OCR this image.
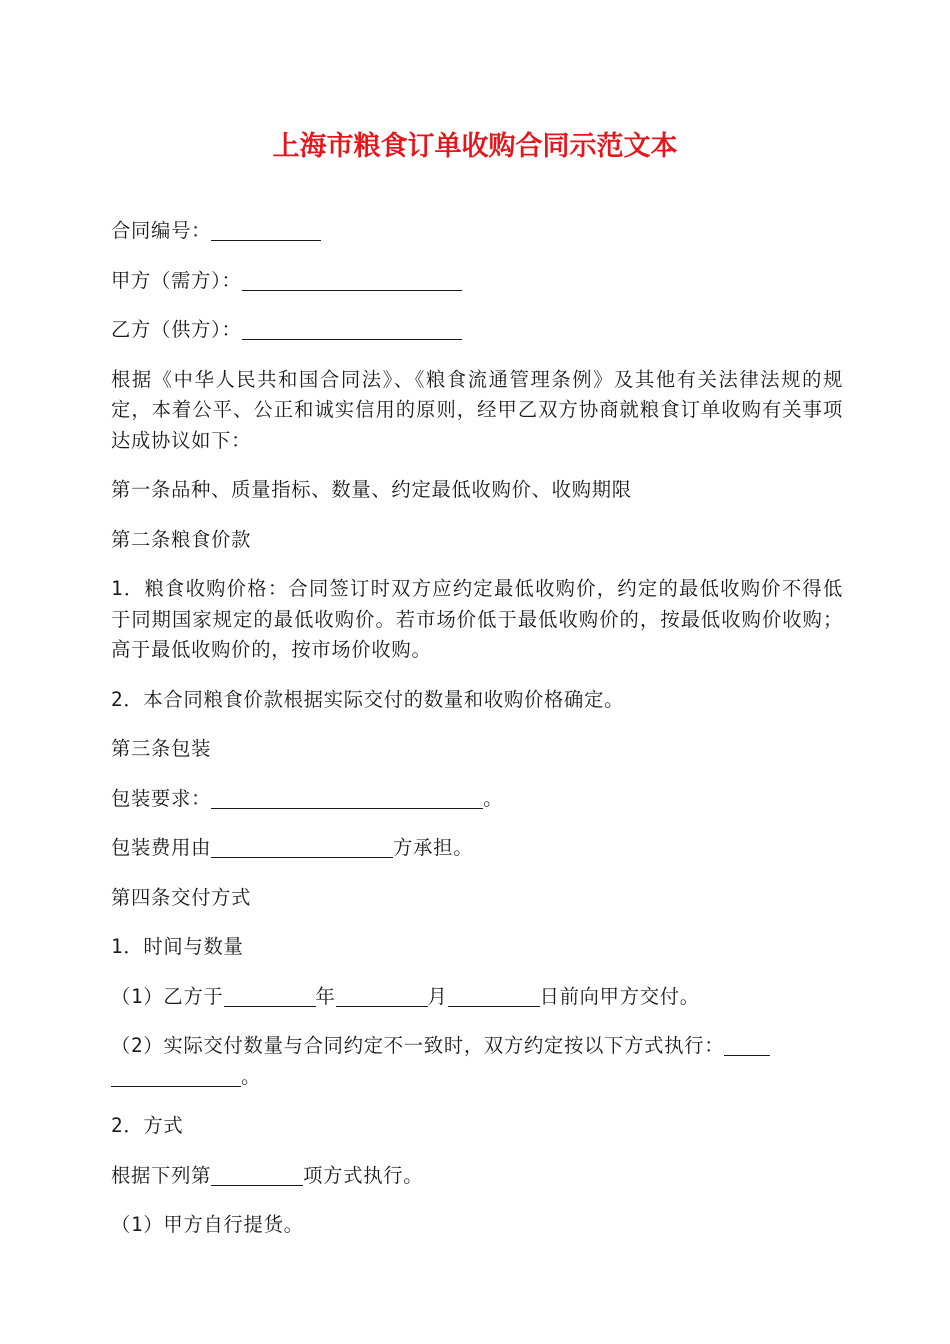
上海市粮食订单收购合同示范文本

合同编号：

甲方（需方）：

乙方（供方）：

根据《中华人民共和国合同法》、《粮食流通管理条例》及其他有关法律法规的规定，本着公平、公正和诚实信用的原则，经甲乙双方协商就粮食订单收购有关事项达成协议如下：

第一条品种、质量指标、数量、约定最低收购价、收购期限

第二条粮食价款

1．粮食收购价格：合同签订时双方应约定最低收购价，约定的最低收购价不得低于同期国家规定的最低收购价。若市场价低于最低收购价的，按最低收购价收购；高于最低收购价的，按市场价收购。

2．本合同粮食价款根据实际交付的数量和收购价格确定。

第三条包装

包装要求：	。

包装费用由	方承担。

第四条交付方式

1．时间与数量

（1）乙方于	年	月	日前向甲方交付。

（2）实际交付数量与合同约定不一致时，双方约定按以下方式执行：
。

2．方式

根据下列第	项方式执行。

（1）甲方自行提货。
